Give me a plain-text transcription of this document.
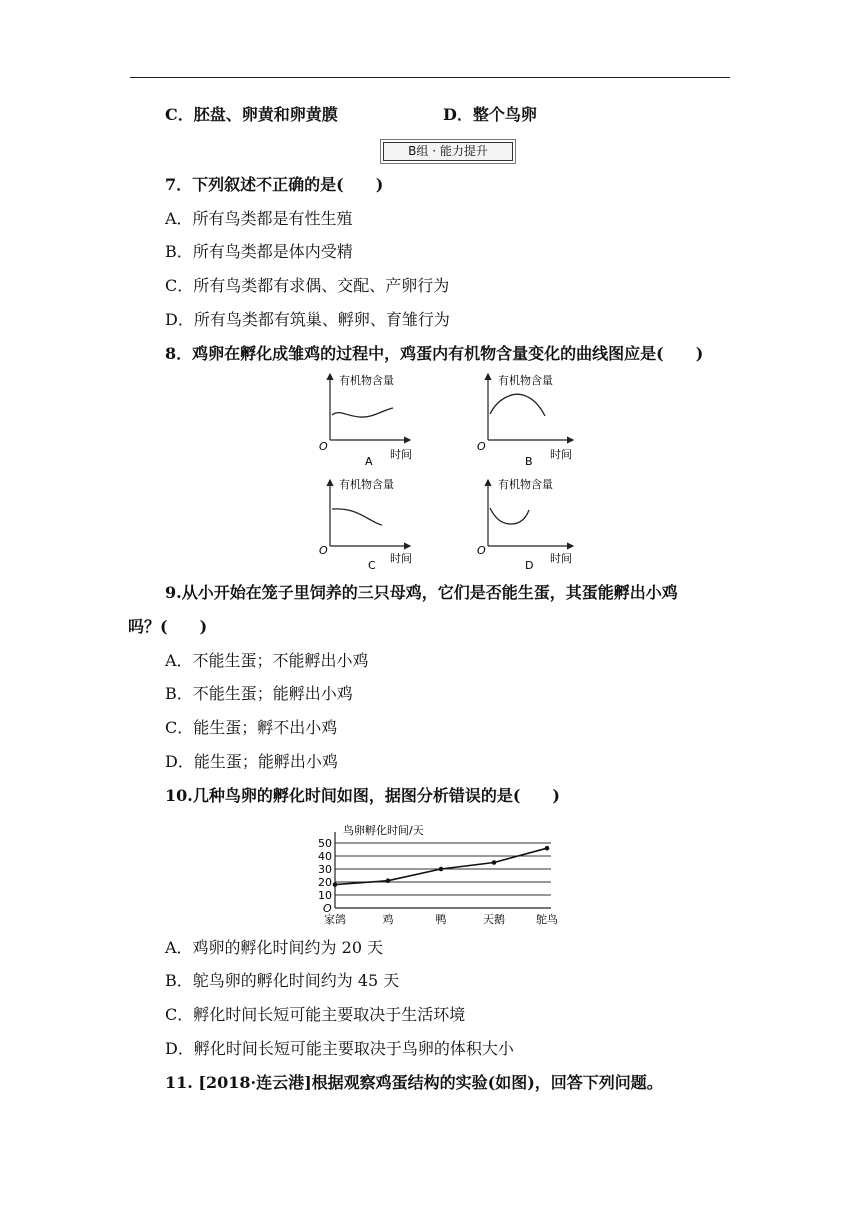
C．胚盘、卵黄和卵黄膜	D．整个鸟卵
B组 · 能力提升
7．下列叙述不正确的是(　　)
A．所有鸟类都是有性生殖
B．所有鸟类都是体内受精
C．所有鸟类都有求偶、交配、产卵行为
D．所有鸟类都有筑巢、孵卵、育雏行为
8．鸡卵在孵化成雏鸡的过程中，鸡蛋内有机物含量变化的曲线图应是(　　)
有机物含量
O
A
时间
有机物含量
O
B
时间
有机物含量
O
C
时间
有机物含量
O
D
时间
9.从小开始在笼子里饲养的三只母鸡，它们是否能生蛋，其蛋能孵出小鸡
吗？(　　)
A．不能生蛋；不能孵出小鸡
B．不能生蛋；能孵出小鸡
C．能生蛋；孵不出小鸡
D．能生蛋；能孵出小鸡
10.几种鸟卵的孵化时间如图，据图分析错误的是(　　)
鸟卵孵化时间/天
O
10
20
30
40
50
家鸽	鸡	鸭	天鹅	鸵鸟
A．鸡卵的孵化时间约为 20 天
B．鸵鸟卵的孵化时间约为 45 天
C．孵化时间长短可能主要取决于生活环境
D．孵化时间长短可能主要取决于鸟卵的体积大小
11. [2018·连云港]根据观察鸡蛋结构的实验(如图)，回答下列问题。
